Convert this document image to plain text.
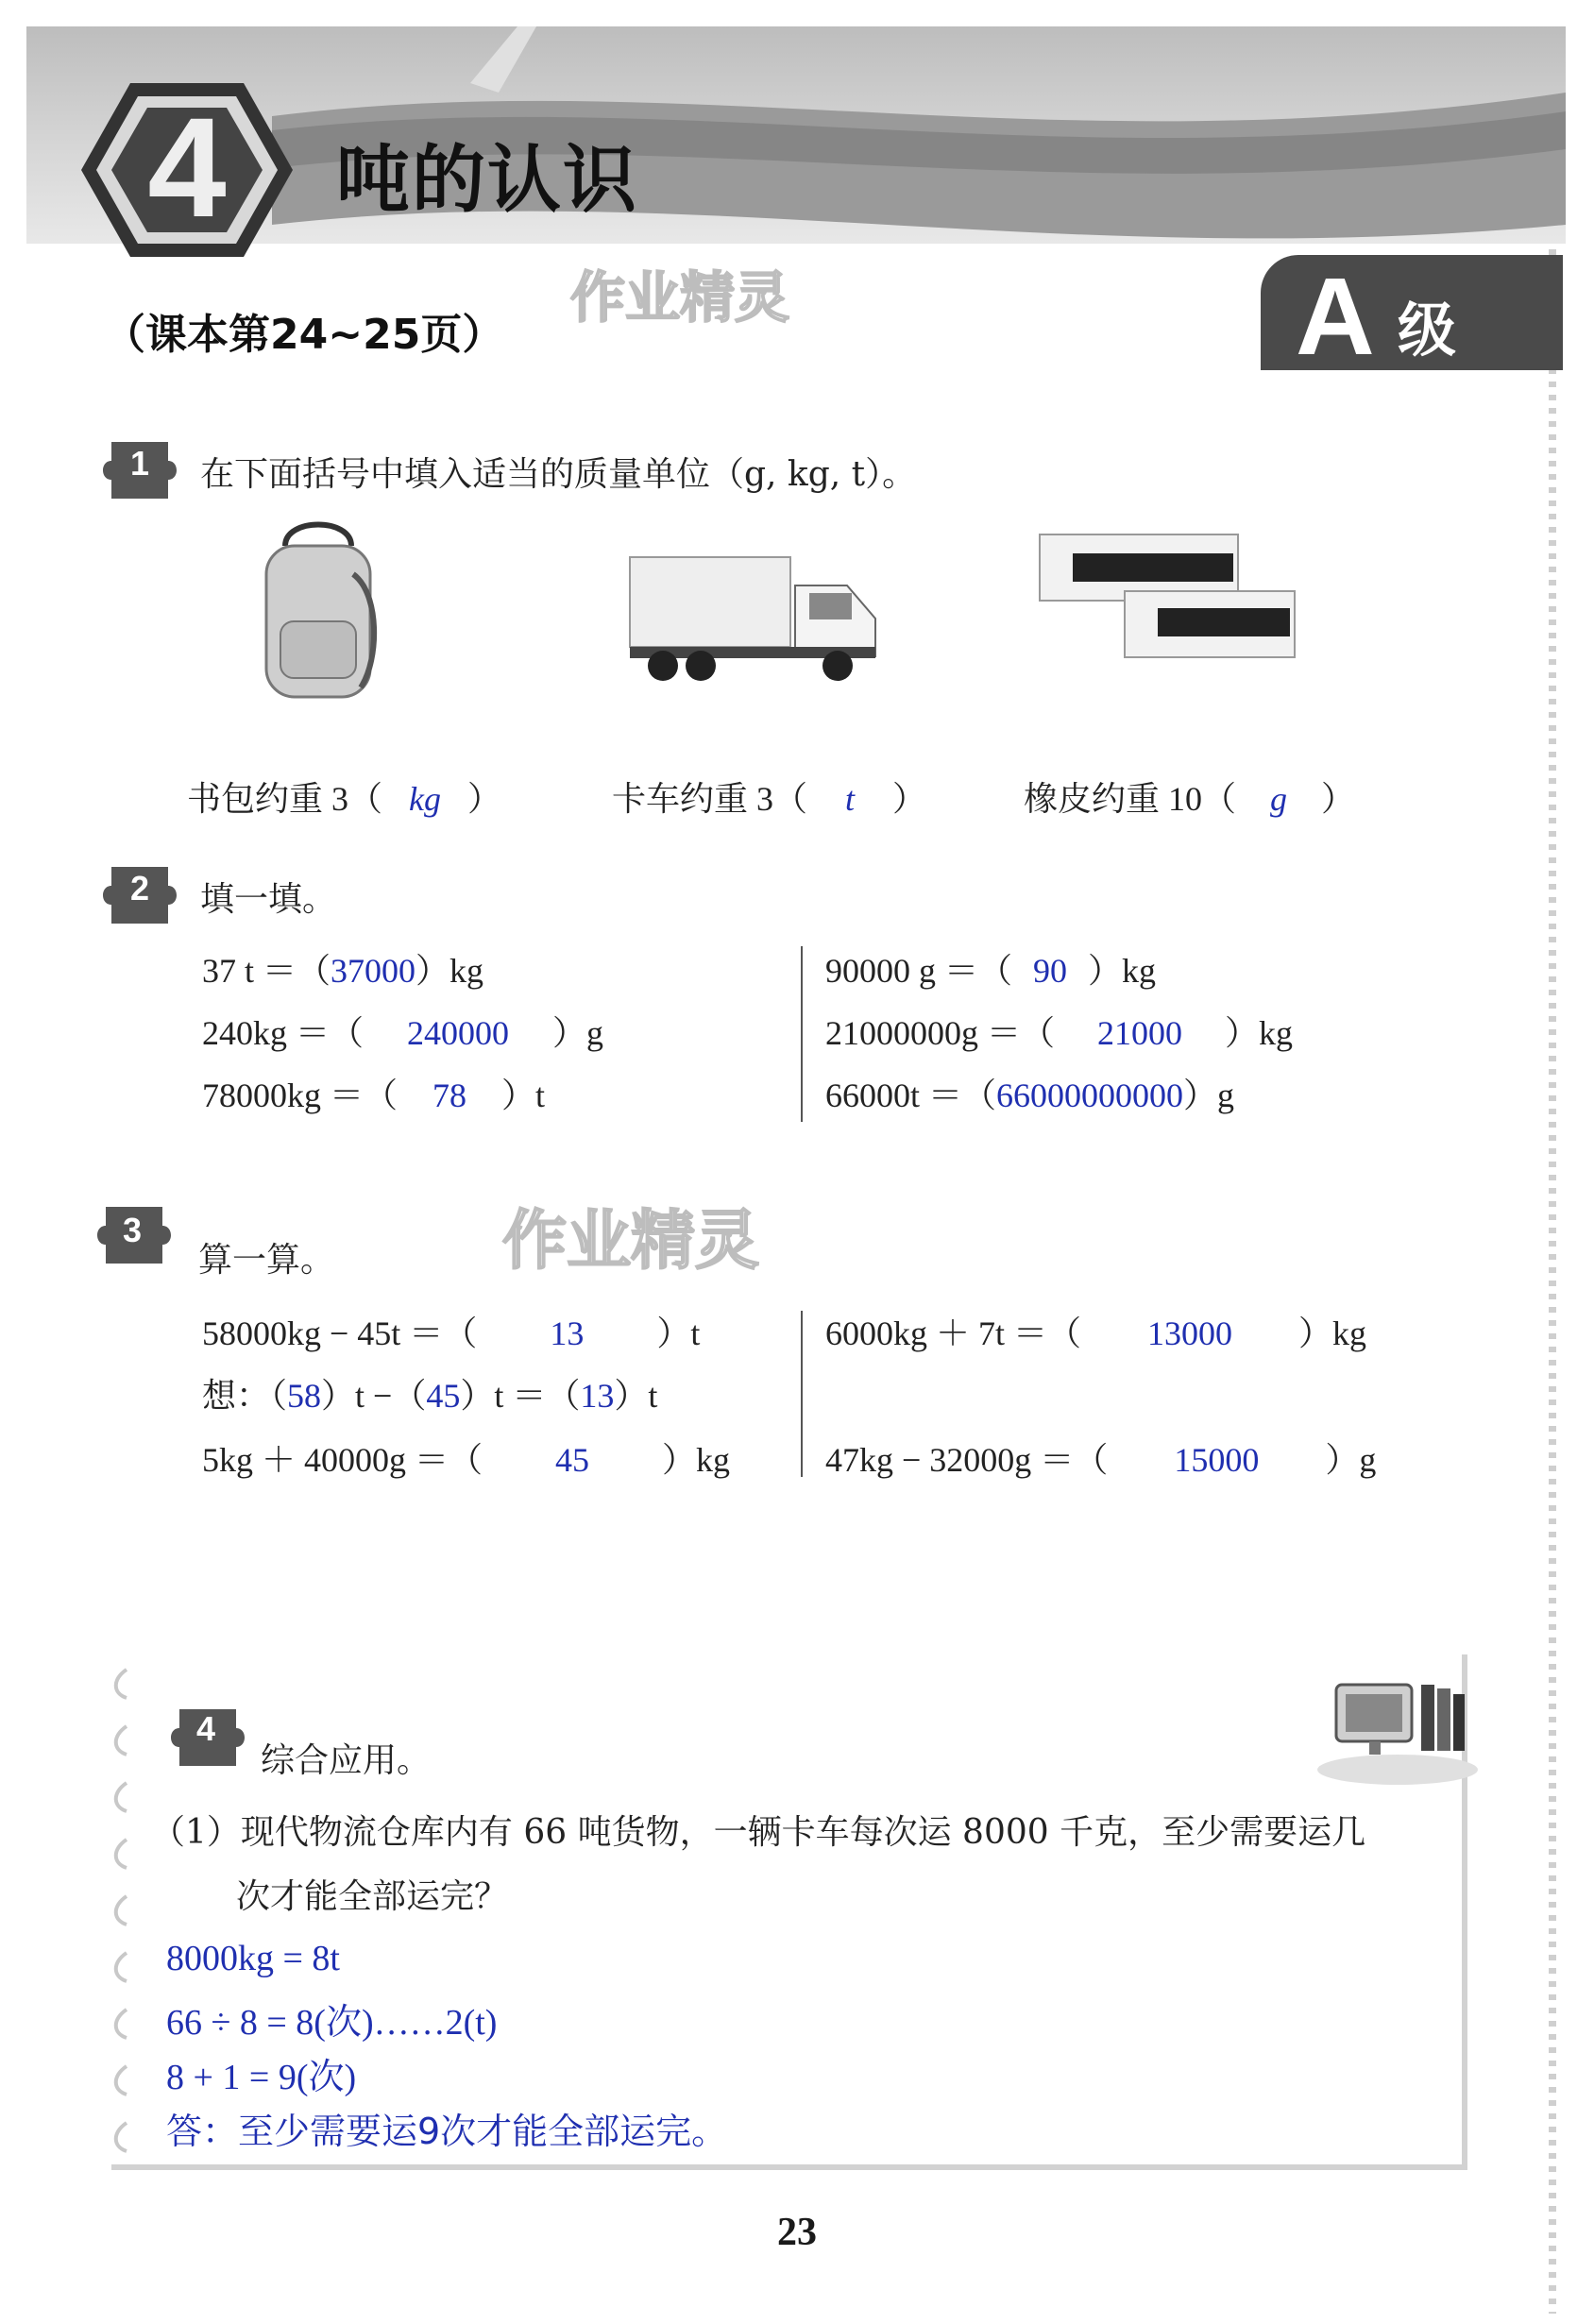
4	吨的认识
（课本第24~25页）
作业精灵	A 级
1 在下面括号中填入适当的质量单位（g, kg, t）。

书包约重 3（ kg ）	卡车约重 3（ t ）	橡皮约重 10（ g ）

2 填一填。
37 t ＝（37000）kg
240kg ＝（ 240000 ）g
78000kg ＝（ 78 ）t
90000 g ＝（ 90 ）kg
21000000g ＝（ 21000 ）kg
66000t ＝（66000000000）g
3
算一算。	作业精灵
58000kg − 45t ＝（ 13 ）t
想：（58）t −（45）t ＝（13）t
5kg ＋ 40000g ＝（ 45 ）kg
6000kg ＋ 7t ＝（ 13000 ）kg
47kg − 32000g ＝（ 15000 ）g
4
综合应用。
（1）现代物流仓库内有 66 吨货物，一辆卡车每次运 8000 千克，至少需要运几
次才能全部运完？
8000kg = 8t
66 ÷ 8 = 8(次)……2(t)
8 + 1 = 9(次)
答：至少需要运9次才能全部运完。
23
